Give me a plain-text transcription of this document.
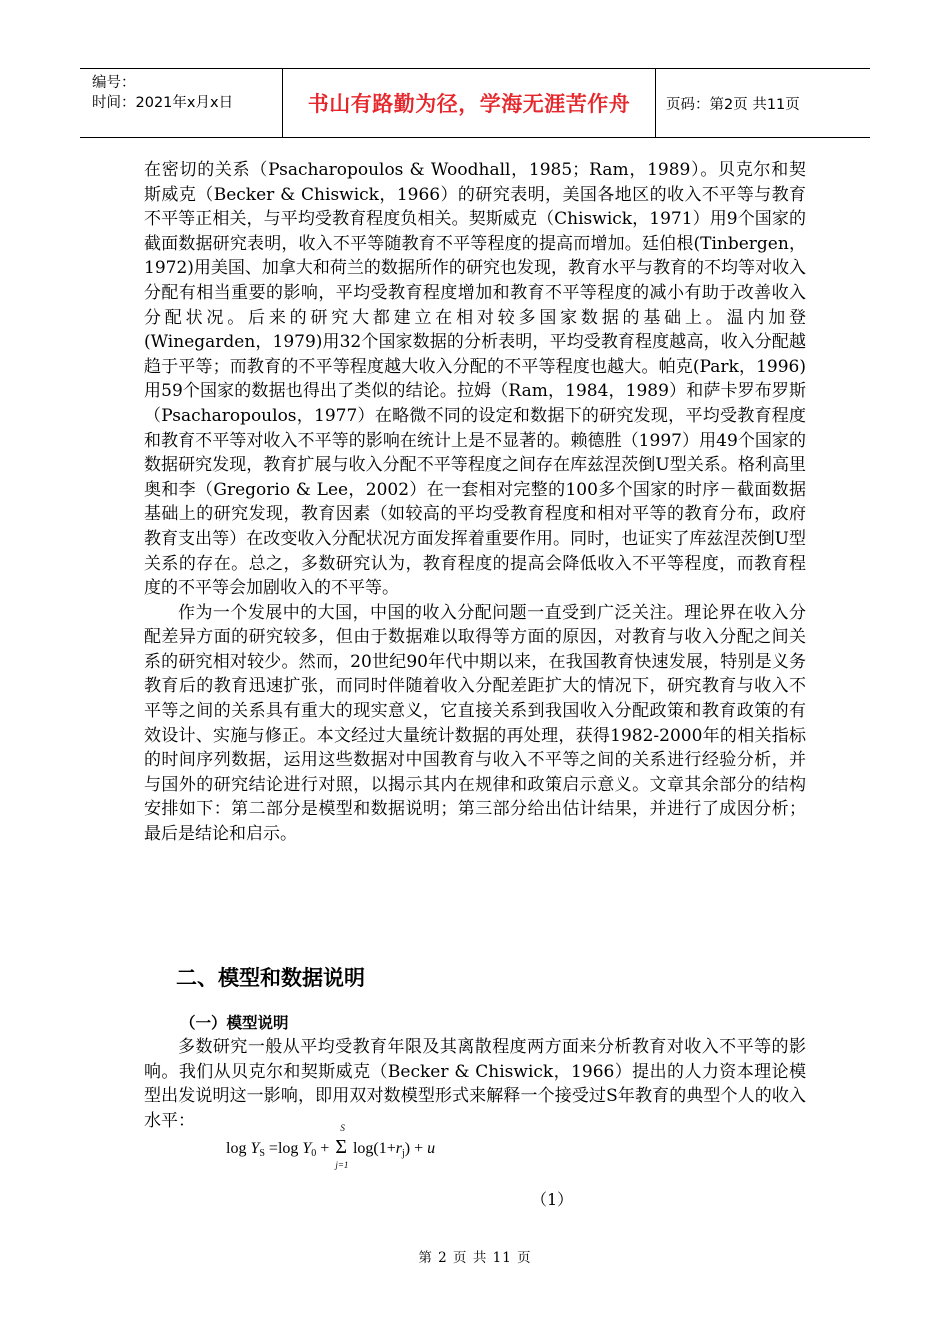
编号：
时间：2021年x月x日	书山有路勤为径，学海无涯苦作舟	页码：第2页 共11页

在密切的关系（Psacharopoulos & Woodhall，1985；Ram，1989）。贝克尔和契斯威克（Becker & Chiswick，1966）的研究表明，美国各地区的收入不平等与教育不平等正相关，与平均受教育程度负相关。契斯威克（Chiswick，1971）用9个国家的截面数据研究表明，收入不平等随教育不平等程度的提高而增加。廷伯根(Tinbergen，1972)用美国、加拿大和荷兰的数据所作的研究也发现，教育水平与教育的不均等对收入分配有相当重要的影响，平均受教育程度增加和教育不平等程度的减小有助于改善收入分配状况。后来的研究大都建立在相对较多国家数据的基础上。温内加登(Winegarden，1979)用32个国家数据的分析表明，平均受教育程度越高，收入分配越趋于平等；而教育的不平等程度越大收入分配的不平等程度也越大。帕克(Park，1996)用59个国家的数据也得出了类似的结论。拉姆（Ram，1984，1989）和萨卡罗布罗斯（Psacharopoulos，1977）在略微不同的设定和数据下的研究发现，平均受教育程度和教育不平等对收入不平等的影响在统计上是不显著的。赖德胜（1997）用49个国家的数据研究发现，教育扩展与收入分配不平等程度之间存在库兹涅茨倒U型关系。格利高里奥和李（Gregorio & Lee，2002）在一套相对完整的100多个国家的时序－截面数据基础上的研究发现，教育因素（如较高的平均受教育程度和相对平等的教育分布，政府教育支出等）在改变收入分配状况方面发挥着重要作用。同时，也证实了库兹涅茨倒U型关系的存在。总之，多数研究认为，教育程度的提高会降低收入不平等程度，而教育程度的不平等会加剧收入的不平等。

作为一个发展中的大国，中国的收入分配问题一直受到广泛关注。理论界在收入分配差异方面的研究较多，但由于数据难以取得等方面的原因，对教育与收入分配之间关系的研究相对较少。然而，20世纪90年代中期以来，在我国教育快速发展，特别是义务教育后的教育迅速扩张，而同时伴随着收入分配差距扩大的情况下，研究教育与收入不平等之间的关系具有重大的现实意义，它直接关系到我国收入分配政策和教育政策的有效设计、实施与修正。本文经过大量统计数据的再处理，获得1982-2000年的相关指标的时间序列数据，运用这些数据对中国教育与收入不平等之间的关系进行经验分析，并与国外的研究结论进行对照，以揭示其内在规律和政策启示意义。文章其余部分的结构安排如下：第二部分是模型和数据说明；第三部分给出估计结果，并进行了成因分析；最后是结论和启示。

二、模型和数据说明
（一）模型说明

多数研究一般从平均受教育年限及其离散程度两方面来分析教育对收入不平等的影响。我们从贝克尔和契斯威克（Becker & Chiswick，1966）提出的人力资本理论模型出发说明这一影响，即用双对数模型形式来解释一个接受过S年教育的典型个人的收入水平：

log YS =log Y0 + Σ
S
j=1
log(1+rj) + u
（1）
第 2 页 共 11 页
